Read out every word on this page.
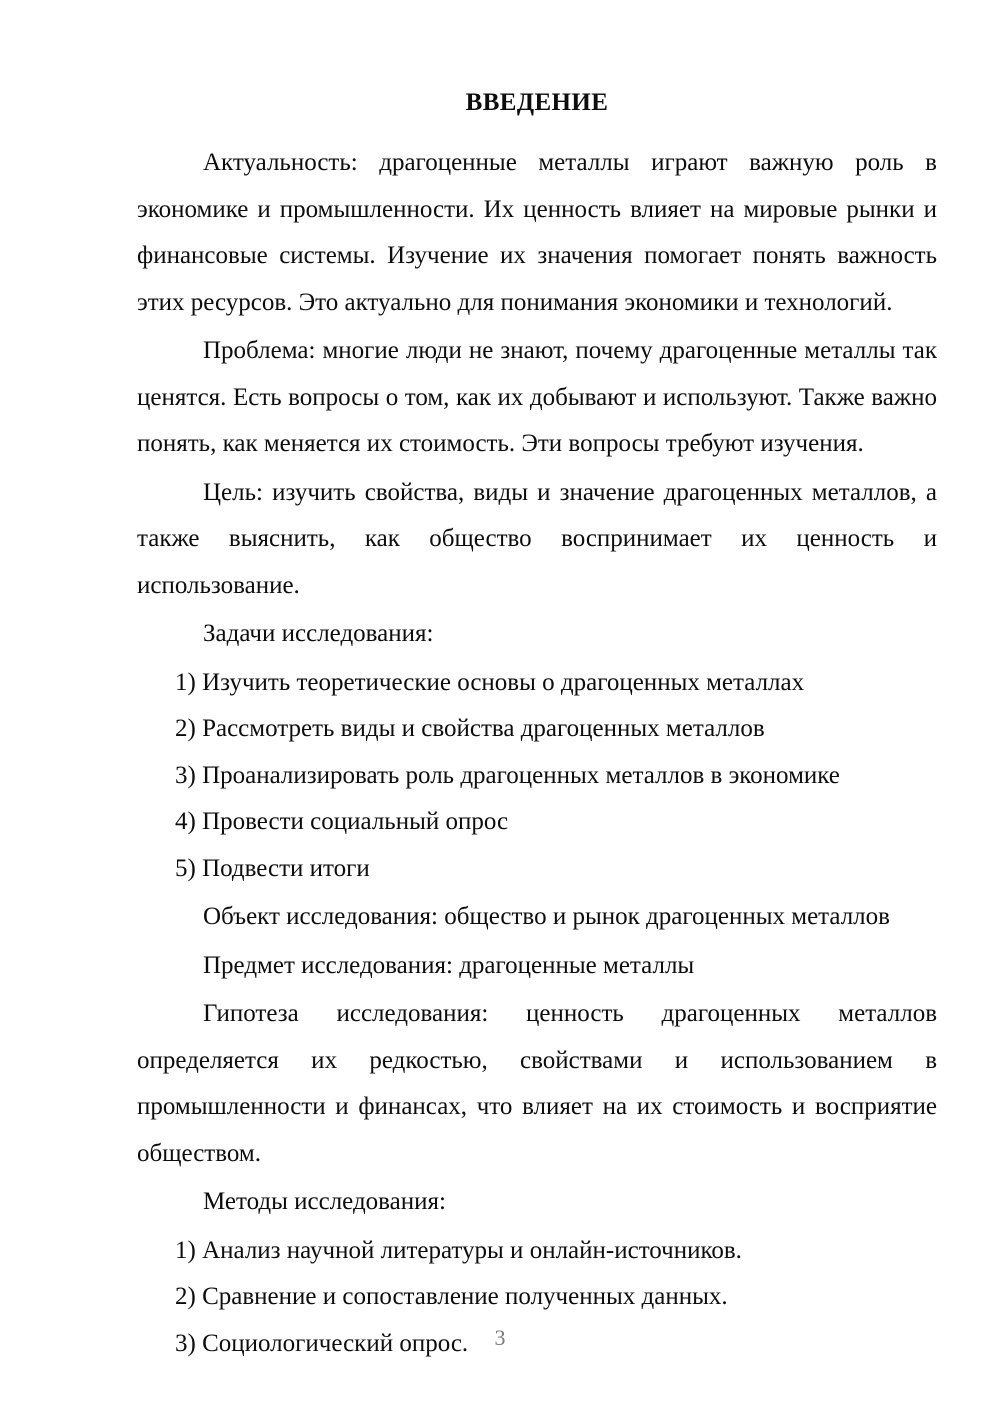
ВВЕДЕНИЕ

Актуальность: драгоценные металлы играют важную роль в экономике и промышленности. Их ценность влияет на мировые рынки и финансовые системы. Изучение их значения помогает понять важность этих ресурсов. Это актуально для понимания экономики и технологий.

Проблема: многие люди не знают, почему драгоценные металлы так ценятся. Есть вопросы о том, как их добывают и используют. Также важно понять, как меняется их стоимость. Эти вопросы требуют изучения.

Цель: изучить свойства, виды и значение драгоценных металлов, а также выяснить, как общество воспринимает их ценность и использование.

Задачи исследования:

1) Изучить теоретические основы о драгоценных металлах
2) Рассмотреть виды и свойства драгоценных металлов
3) Проанализировать роль драгоценных металлов в экономике
4) Провести социальный опрос
5) Подвести итоги

Объект исследования: общество и рынок драгоценных металлов

Предмет исследования: драгоценные металлы

Гипотеза исследования: ценность драгоценных металлов определяется их редкостью, свойствами и использованием в промышленности и финансах, что влияет на их стоимость и восприятие обществом.

Методы исследования:

1) Анализ научной литературы и онлайн-источников.
2) Сравнение и сопоставление полученных данных.
3) Социологический опрос.	3
